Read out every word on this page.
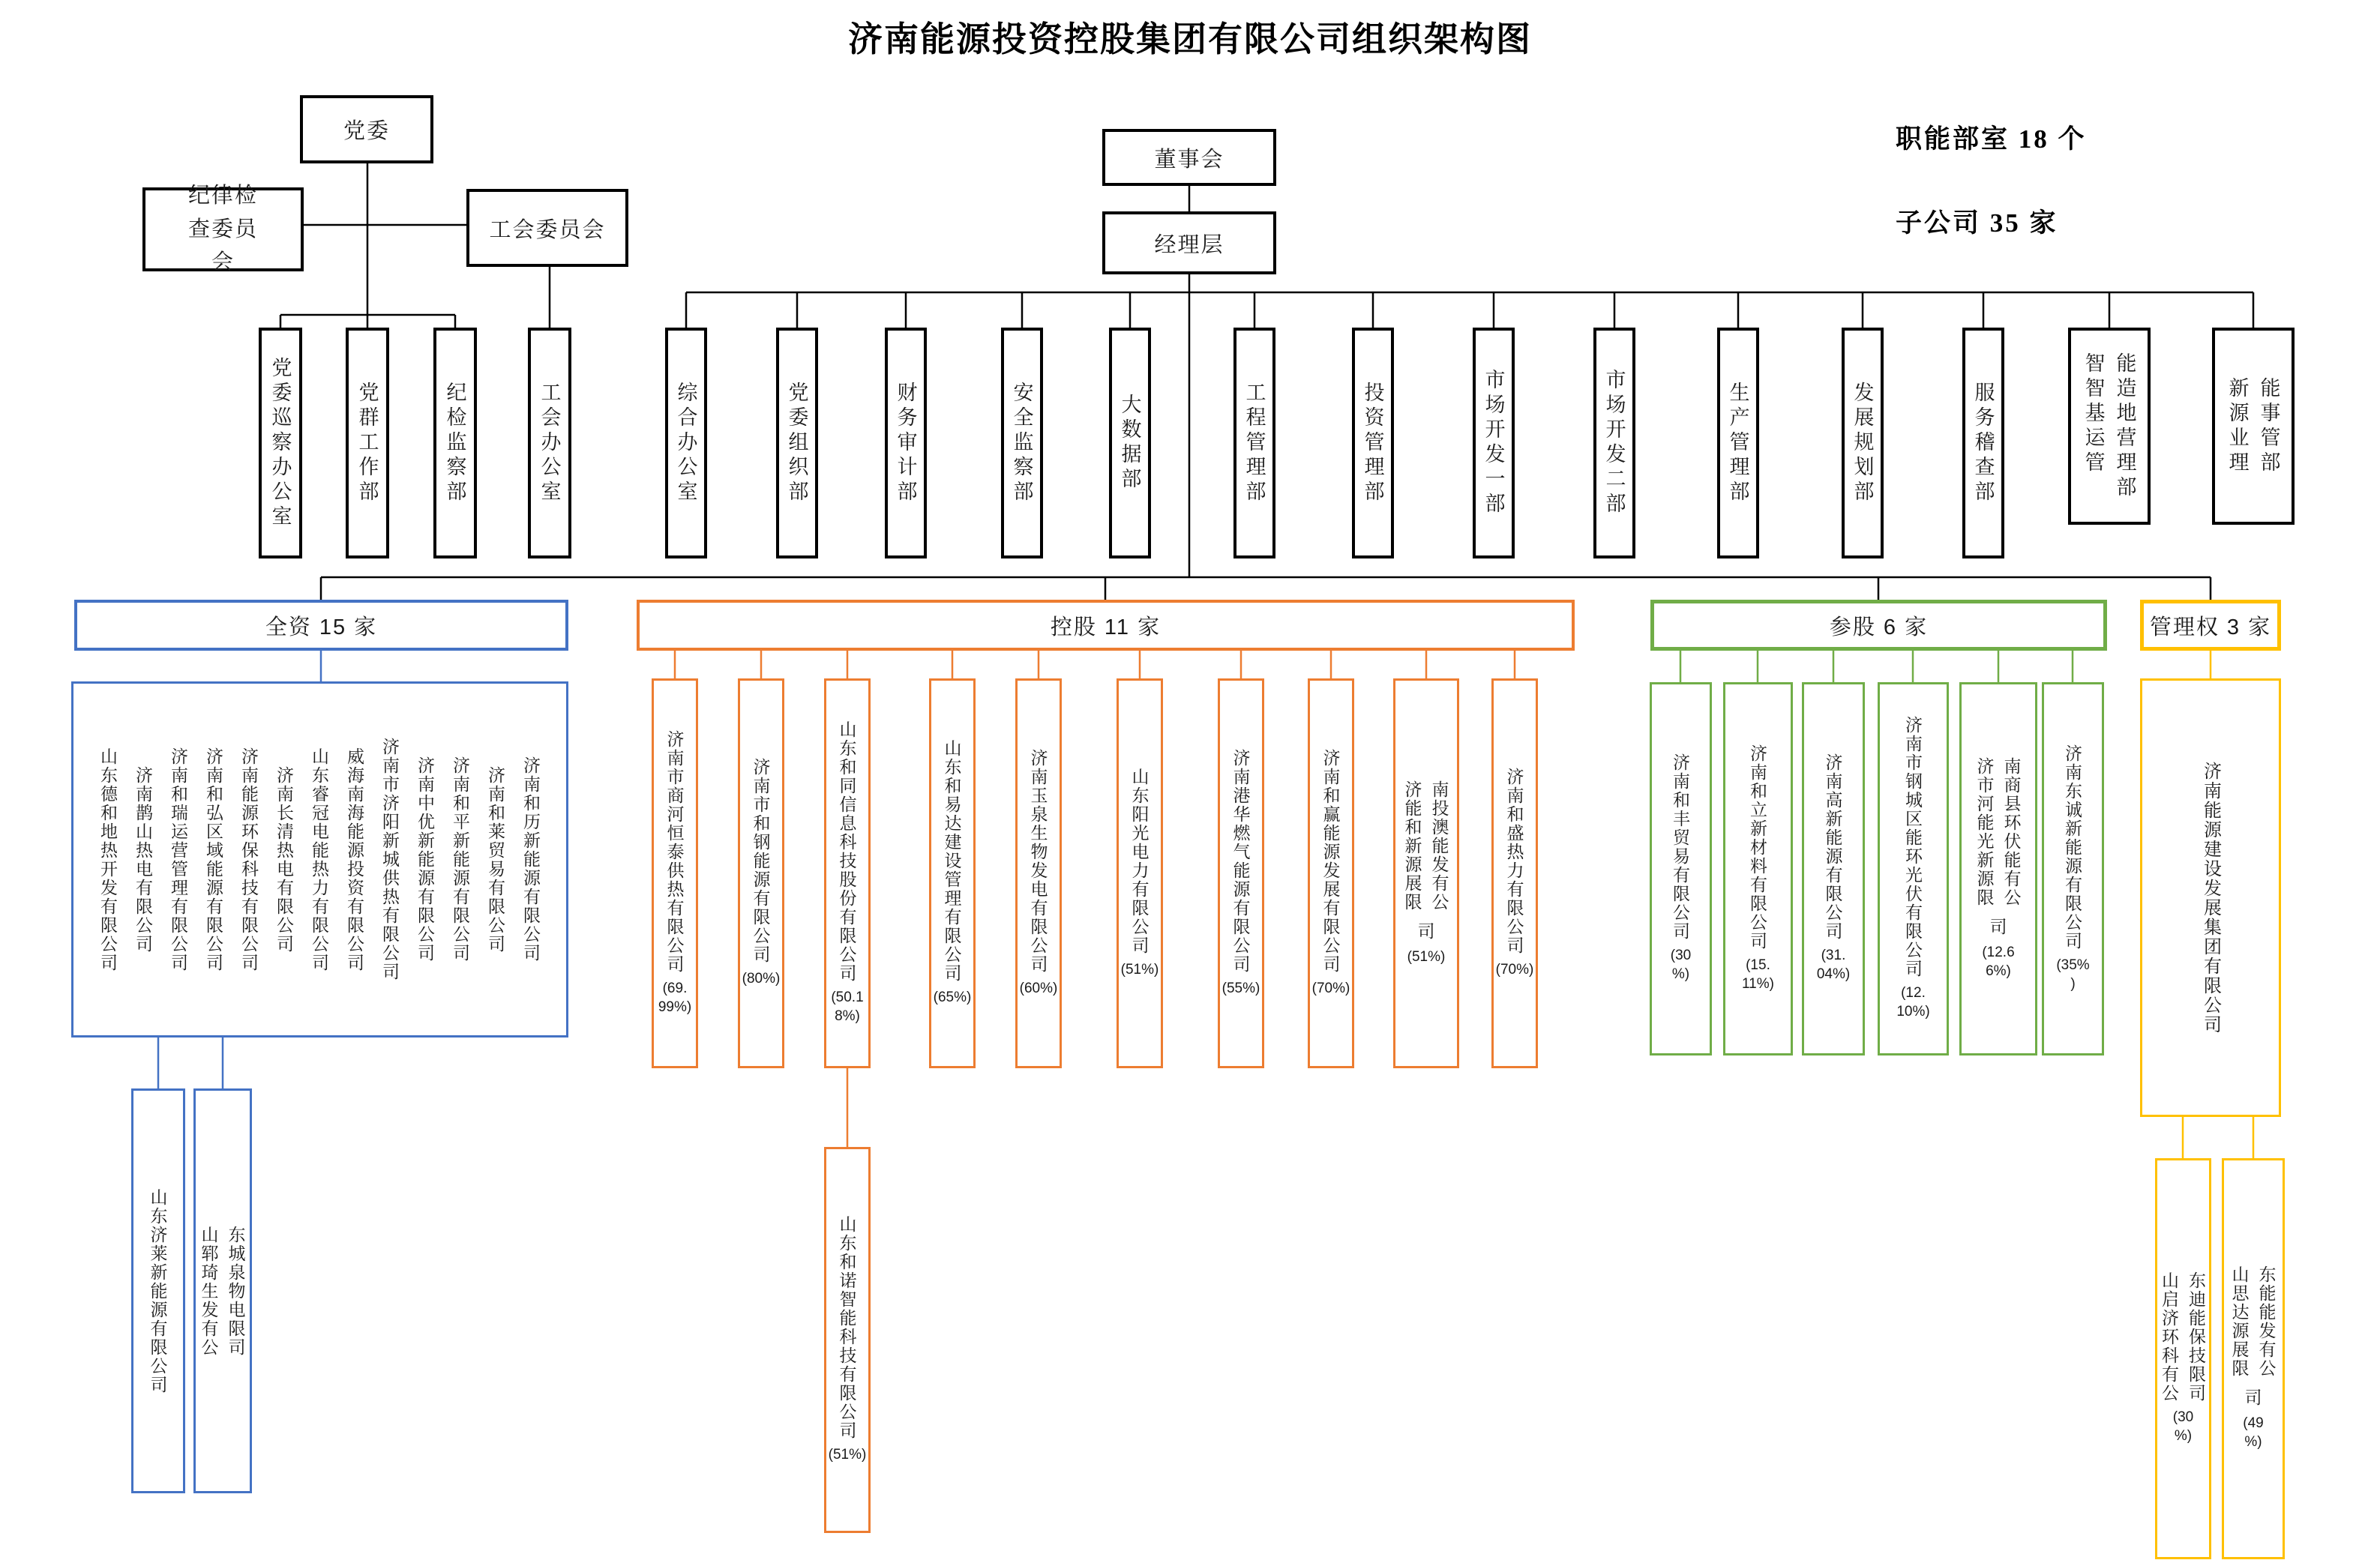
济南能源投资控股集团有限公司组织架构图
职能部室 18 个
子公司 35 家
党委
纪律检查委员会
工会委员会
董事会
经理层
党委巡察办公室	党群工作部	纪检监察部	工会办公室	综合办公室	党委组织部	财务审计部	安全监察部	大数据部	工程管理部	投资管理部	市场开发一部	市场开发二部	生产管理部	发展规划部	服务稽查部	智智基运管 能造地营理部	新源业理 能事管部
全资 15 家	控股 11 家	参股 6 家	管理权 3 家
山东德和地热开发有限公司 济南鹊山热电有限公司 济南和瑞运营管理有限公司 济南和弘区域能源有限公司 济南能源环保科技有限公司 济南长清热电有限公司 山东睿冠电能热力有限公司 威海南海能源投资有限公司 济南市济阳新城供热有限公司 济南中优新能源有限公司 济南和平新能源有限公司 济南和莱贸易有限公司 济南和历新能源有限公司
山东济莱新能源有限公司 山郓琦生发有公 东城泉物电限司
济南市商河恒泰供热有限公司
(69.
99%)
济南市和钢能源有限公司
(80%)	山东和同信息科技股份有限公司
(50.1
8%)
山东和易达建设管理有限公司
(65%)
济南玉泉生物发电有限公司
(60%)
山东阳光电力有限公司
(51%)	济南港华燃气能源有限公司
(55%)
济南和赢能源发展有限公司
(70%)
济能和新源展限 南投澳能发有公
司
(51%)
济南和盛热力有限公司
(70%)
山东和诺智能科技有限公司
(51%)
济南和丰贸易有限公司
(30
%)
济南和立新材料有限公司
(15.
11%)
济南高新能源有限公司
(31.
04%)	济南市钢城区能环光伏有限公司
(12.
10%)
济市河能光新源限 南商县环伏能有公
司
(12.6
6%)
济南东诚新能源有限公司
(35%
)	济南能源建设发展集团有限公司
山启济环科有公 东迪能保技限司
(30
%)
山思达源展限 东能能发有公
司
(49
%)
